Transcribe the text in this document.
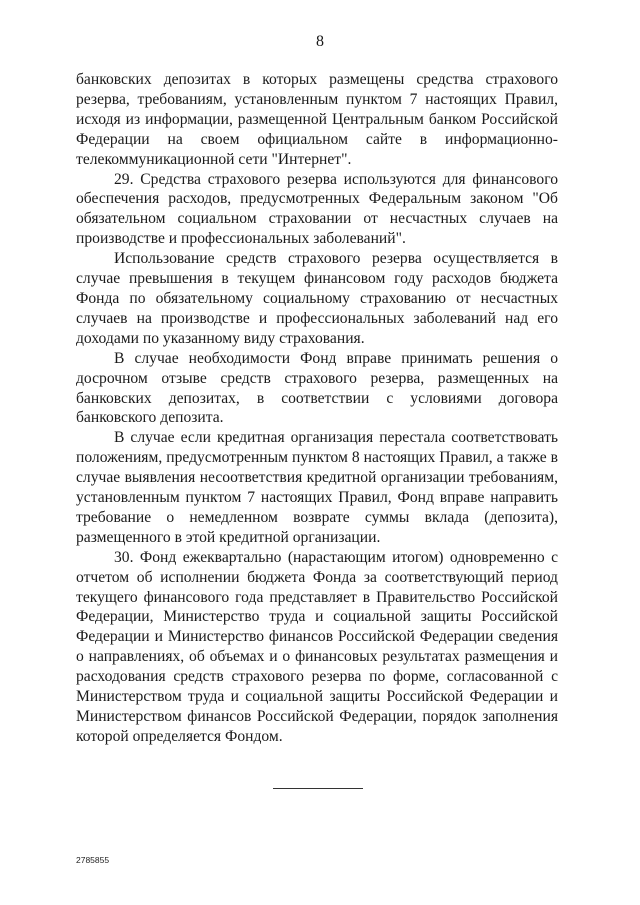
8

банковских депозитах в которых размещены средства страхового резерва, требованиям, установленным пунктом 7 настоящих Правил, исходя из информации, размещенной Центральным банком Российской Федерации на своем официальном сайте в информационно-телекоммуникационной сети "Интернет".

29. Средства страхового резерва используются для финансового обеспечения расходов, предусмотренных Федеральным законом "Об обязательном социальном страховании от несчастных случаев на производстве и профессиональных заболеваний".

Использование средств страхового резерва осуществляется в случае превышения в текущем финансовом году расходов бюджета Фонда по обязательному социальному страхованию от несчастных случаев на производстве и профессиональных заболеваний над его доходами по указанному виду страхования.

В случае необходимости Фонд вправе принимать решения о досрочном отзыве средств страхового резерва, размещенных на банковских депозитах, в соответствии с условиями договора банковского депозита.

В случае если кредитная организация перестала соответствовать положениям, предусмотренным пунктом 8 настоящих Правил, а также в случае выявления несоответствия кредитной организации требованиям, установленным пунктом 7 настоящих Правил, Фонд вправе направить требование о немедленном возврате суммы вклада (депозита), размещенного в этой кредитной организации.

30. Фонд ежеквартально (нарастающим итогом) одновременно с отчетом об исполнении бюджета Фонда за соответствующий период текущего финансового года представляет в Правительство Российской Федерации, Министерство труда и социальной защиты Российской Федерации и Министерство финансов Российской Федерации сведения о направлениях, об объемах и о финансовых результатах размещения и расходования средств страхового резерва по форме, согласованной с Министерством труда и социальной защиты Российской Федерации и Министерством финансов Российской Федерации, порядок заполнения которой определяется Фондом.

2785855
